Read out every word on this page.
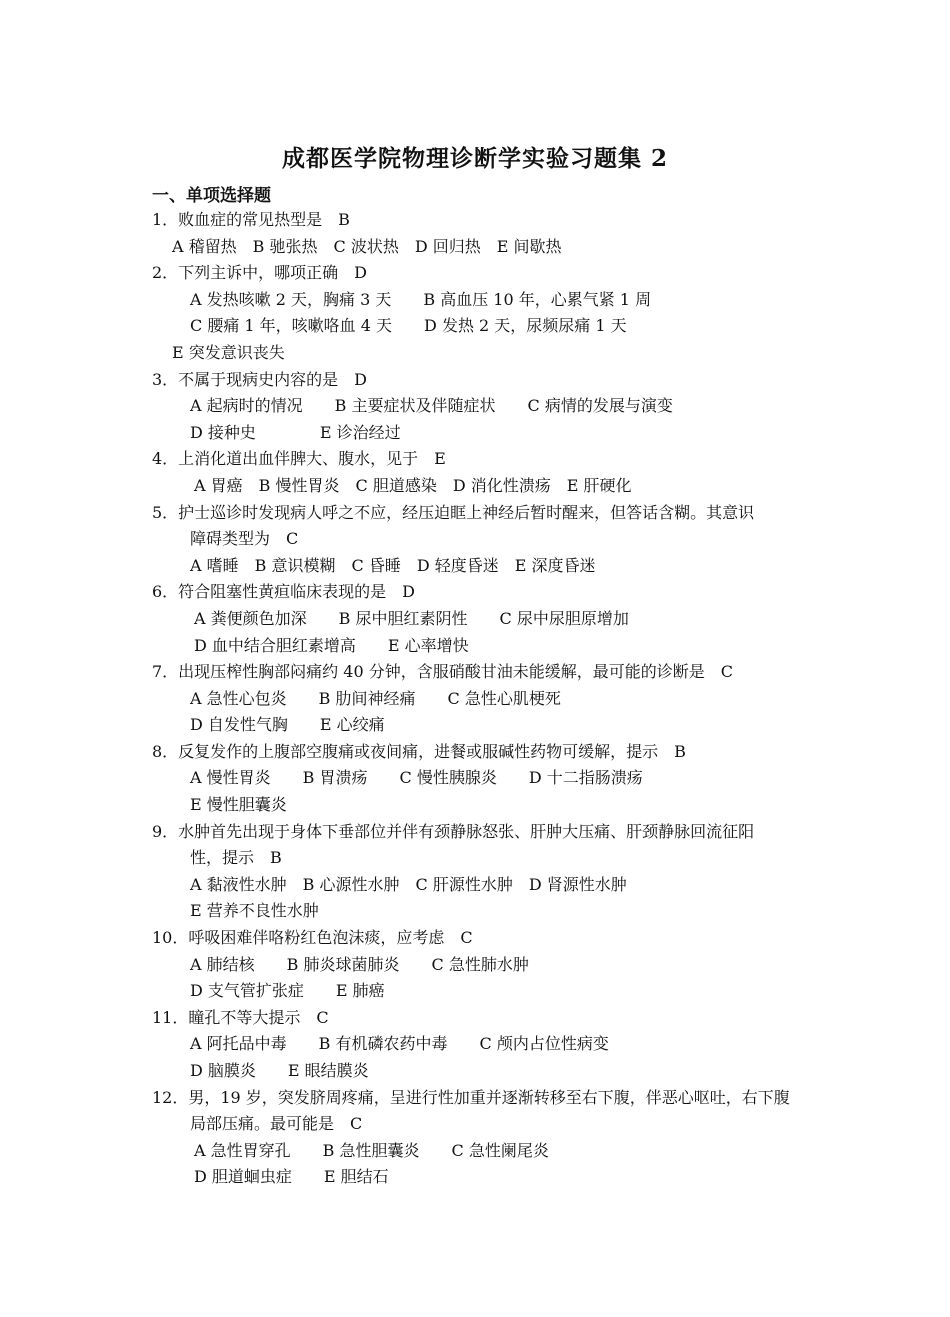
成都医学院物理诊断学实验习题集 2
一、单项选择题
1．败血症的常见热型是　B
A 稽留热　B 驰张热　C 波状热　D 回归热　E 间歇热
2．下列主诉中，哪项正确　D
A 发热咳嗽 2 天，胸痛 3 天　　B 高血压 10 年，心累气紧 1 周
C 腰痛 1 年，咳嗽咯血 4 天　　D 发热 2 天，尿频尿痛 1 天
E 突发意识丧失
3．不属于现病史内容的是　D
A 起病时的情况　　B 主要症状及伴随症状　　C 病情的发展与演变
D 接种史　　　　E 诊治经过
4．上消化道出血伴脾大、腹水，见于　E
A 胃癌　B 慢性胃炎　C 胆道感染　D 消化性溃疡　E 肝硬化
5．护士巡诊时发现病人呼之不应，经压迫眶上神经后暂时醒来，但答话含糊。其意识
障碍类型为　C
A 嗜睡　B 意识模糊　C 昏睡　D 轻度昏迷　E 深度昏迷
6．符合阻塞性黄疸临床表现的是　D
A 粪便颜色加深　　B 尿中胆红素阴性　　C 尿中尿胆原增加
D 血中结合胆红素增高　　E 心率增快
7．出现压榨性胸部闷痛约 40 分钟，含服硝酸甘油未能缓解，最可能的诊断是　C
A 急性心包炎　　B 肋间神经痛　　C 急性心肌梗死
D 自发性气胸　　E 心绞痛
8．反复发作的上腹部空腹痛或夜间痛，进餐或服碱性药物可缓解，提示　B
A 慢性胃炎　　B 胃溃疡　　C 慢性胰腺炎　　D 十二指肠溃疡
E 慢性胆囊炎
9．水肿首先出现于身体下垂部位并伴有颈静脉怒张、肝肿大压痛、肝颈静脉回流征阳
性，提示　B
A 黏液性水肿　B 心源性水肿　C 肝源性水肿　D 肾源性水肿
E 营养不良性水肿
10．呼吸困难伴咯粉红色泡沫痰，应考虑　C
A 肺结核　　B 肺炎球菌肺炎　　C 急性肺水肿
D 支气管扩张症　　E 肺癌
11．瞳孔不等大提示　C
A 阿托品中毒　　B 有机磷农药中毒　　C 颅内占位性病变
D 脑膜炎　　E 眼结膜炎
12．男，19 岁，突发脐周疼痛，呈进行性加重并逐渐转移至右下腹，伴恶心呕吐，右下腹
局部压痛。最可能是　C
A 急性胃穿孔　　B 急性胆囊炎　　C 急性阑尾炎
D 胆道蛔虫症　　E 胆结石
